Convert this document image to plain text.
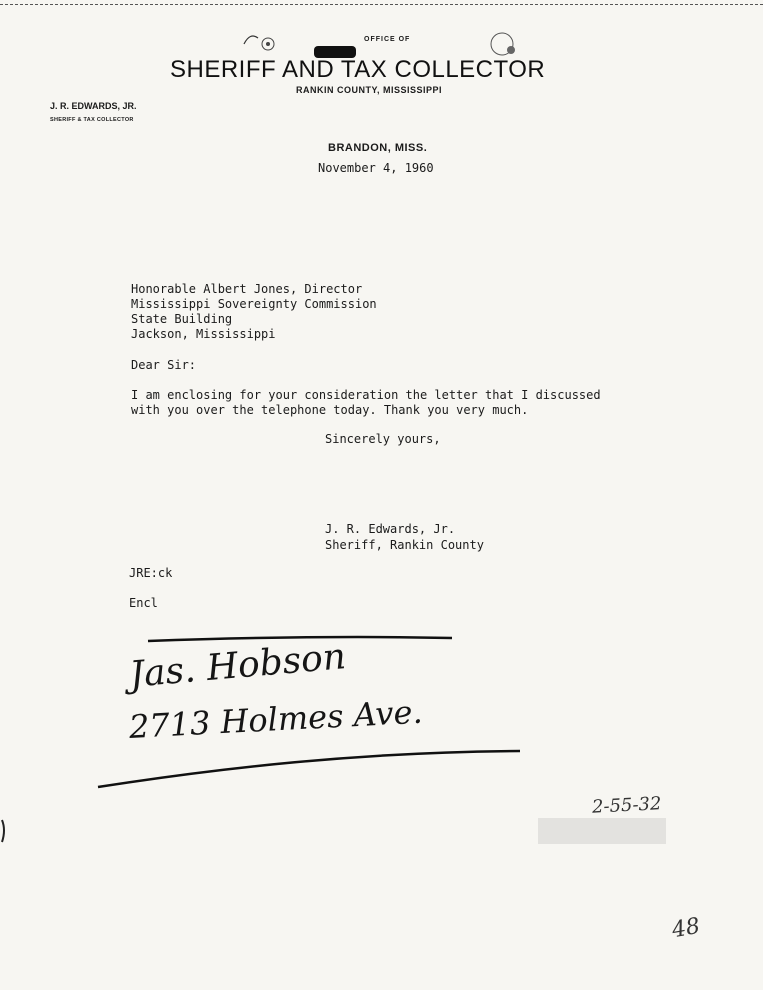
OFFICE OF
SHERIFF AND TAX COLLECTOR
RANKIN COUNTY, MISSISSIPPI
J. R. EDWARDS, JR.
SHERIFF & TAX COLLECTOR
BRANDON, MISS.
November 4, 1960
Honorable Albert Jones, Director
Mississippi Sovereignty Commission
State Building
Jackson, Mississippi
Dear Sir:
I am enclosing for your consideration the letter that I discussed
with you over the telephone today. Thank you very much.
Sincerely yours,
J. R. Edwards, Jr.
Sheriff, Rankin County
JRE:ck
Encl
Jas. Hobson
2713 Holmes Ave.
2-55-32
48
